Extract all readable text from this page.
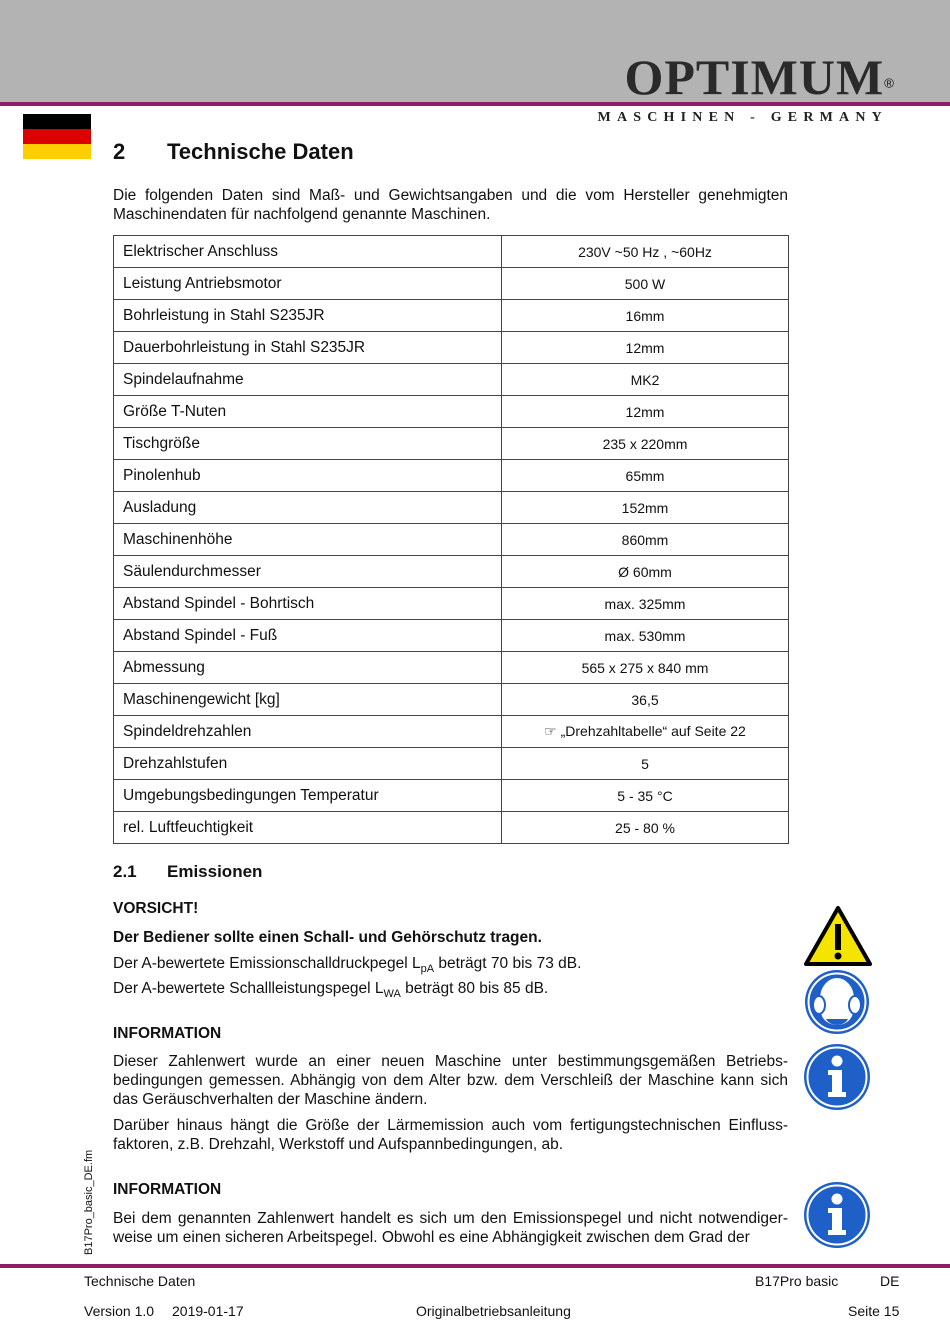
OPTIMUM®
MASCHINEN - GERMANY
2 Technische Daten
Die folgenden Daten sind Maß- und Gewichtsangaben und die vom Hersteller genehmigten Maschinendaten für nachfolgend genannte Maschinen.
Elektrischer Anschluss	230V ~50 Hz , ~60Hz
Leistung Antriebsmotor	500 W
Bohrleistung in Stahl S235JR	16mm
Dauerbohrleistung in Stahl S235JR	12mm
Spindelaufnahme	MK2
Größe T-Nuten	12mm
Tischgröße	235 x 220mm
Pinolenhub	65mm
Ausladung	152mm
Maschinenhöhe	860mm
Säulendurchmesser	Ø 60mm
Abstand Spindel - Bohrtisch	max. 325mm
Abstand Spindel - Fuß	max. 530mm
Abmessung	565 x 275 x 840 mm
Maschinengewicht [kg]	36,5
Spindeldrehzahlen	☞ „Drehzahltabelle“ auf Seite 22
Drehzahlstufen	5
Umgebungsbedingungen Temperatur	5 - 35 °C
rel. Luftfeuchtigkeit	25 - 80 %
2.1 Emissionen
VORSICHT!
Der Bediener sollte einen Schall- und Gehörschutz tragen.
Der A-bewertete Emissionschalldruckpegel $L_{pA}$ beträgt 70 bis 73 dB.
Der A-bewertete Schallleistungspegel $L_{WA}$ beträgt 80 bis 85 dB.
INFORMATION
Dieser Zahlenwert wurde an einer neuen Maschine unter bestimmungsgemäßen Betriebs-bedingungen gemessen. Abhängig von dem Alter bzw. dem Verschleiß der Maschine kann sich das Geräuschverhalten der Maschine ändern.
Darüber hinaus hängt die Größe der Lärmemission auch vom fertigungstechnischen Einfluss-faktoren, z.B. Drehzahl, Werkstoff und Aufspannbedingungen, ab.
INFORMATION
Bei dem genannten Zahlenwert handelt es sich um den Emissionspegel und nicht notwendiger-weise um einen sicheren Arbeitspegel. Obwohl es eine Abhängigkeit zwischen dem Grad der
B17Pro_basic_DE.fm
Technische Daten	B17Pro basic	DE
Version 1.0 2019-01-17	Originalbetriebsanleitung	Seite 15
